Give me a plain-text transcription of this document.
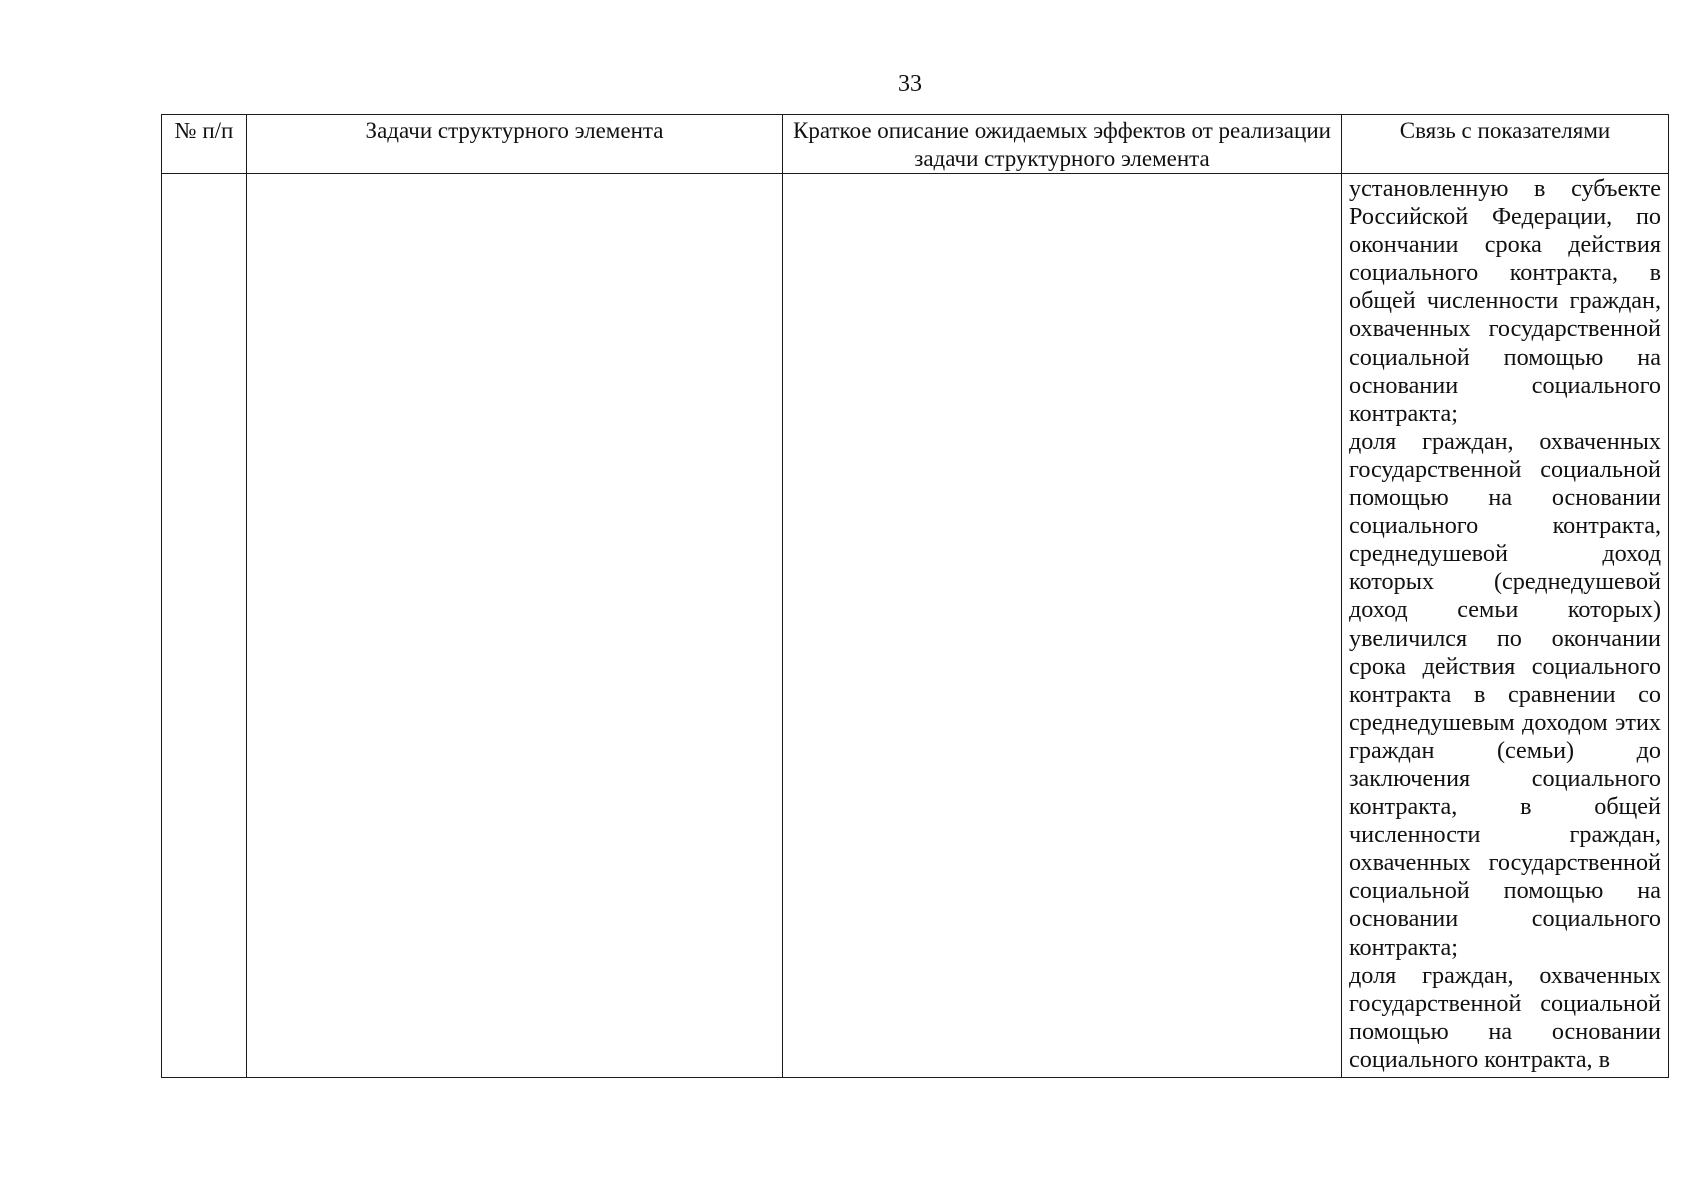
33
№ п/п	Задачи структурного элемента	Краткое описание ожидаемых эффектов от реализации задачи структурного элемента	Связь с показателями

			установленную в субъекте Российской Федерации, по окончании срока действия социального контракта, в общей численности граждан, охваченных государственной социальной помощью на основании социального контракта;

доля граждан, охваченных государственной социальной помощью на основании социального контракта, среднедушевой доход которых (среднедушевой доход семьи которых) увеличился по окончании срока действия социального контракта в сравнении со среднедушевым доходом этих граждан (семьи) до заключения социального контракта, в общей численности граждан, охваченных государственной социальной помощью на основании социального контракта;

доля граждан, охваченных государственной социальной помощью на основании социального контракта, в
